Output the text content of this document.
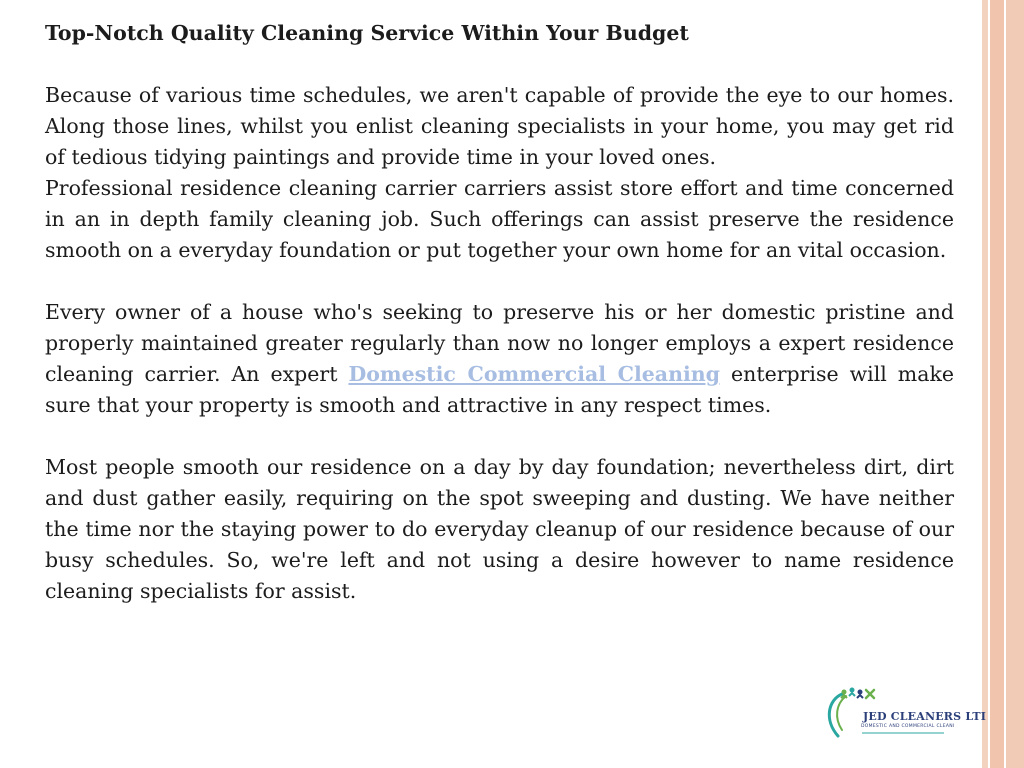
Top-Notch Quality Cleaning Service Within Your Budget

Because of various time schedules, we aren't capable of provide the eye to our homes. Along those lines, whilst you enlist cleaning specialists in your home, you may get rid of tedious tidying paintings and provide time in your loved ones.

Professional residence cleaning carrier carriers assist store effort and time concerned in an in depth family cleaning job. Such offerings can assist preserve the residence smooth on a everyday foundation or put together your own home for an vital occasion.

Every owner of a house who's seeking to preserve his or her domestic pristine and properly maintained greater regularly than now no longer employs a expert residence cleaning carrier. An expert Domestic Commercial Cleaning enterprise will make sure that your property is smooth and attractive in any respect times.

Most people smooth our residence on a day by day foundation; nevertheless dirt, dirt and dust gather easily, requiring on the spot sweeping and dusting. We have neither the time nor the staying power to do everyday cleanup of our residence because of our busy schedules. So, we're left and not using a desire however to name residence cleaning specialists for assist.

JED CLEANERS LTI
DOMESTIC AND COMMERCIAL CLEANI
